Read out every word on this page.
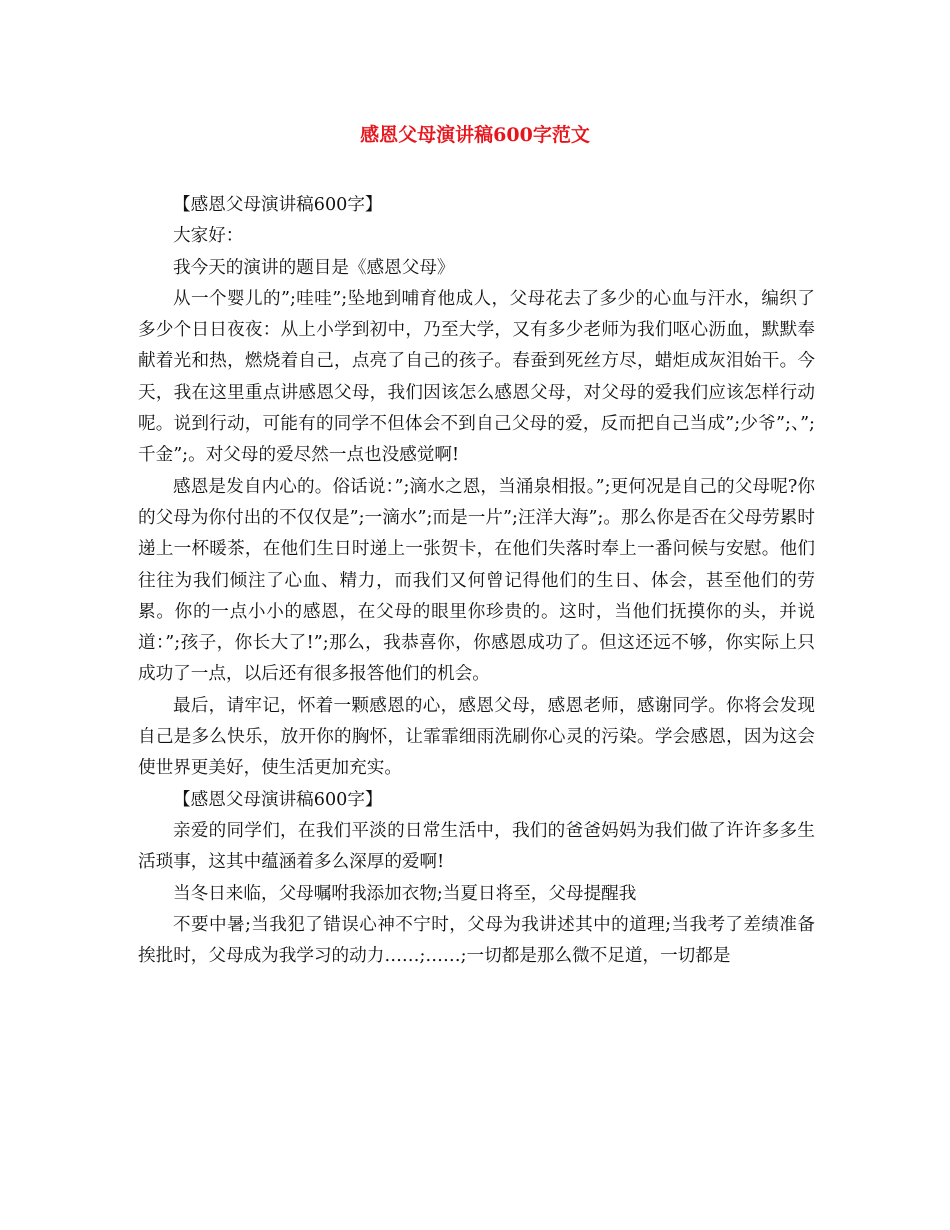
感恩父母演讲稿600字范文

【感恩父母演讲稿600字】

大家好：

我今天的演讲的题目是《感恩父母》

从一个婴儿的”;哇哇”;坠地到哺育他成人，父母花去了多少的心血与汗水，编织了多少个日日夜夜：从上小学到初中，乃至大学，又有多少老师为我们呕心沥血，默默奉献着光和热，燃烧着自己，点亮了自己的孩子。春蚕到死丝方尽，蜡炬成灰泪始干。今天，我在这里重点讲感恩父母，我们因该怎么感恩父母，对父母的爱我们应该怎样行动呢。说到行动，可能有的同学不但体会不到自己父母的爱，反而把自己当成”;少爷”;、”;千金”;。对父母的爱尽然一点也没感觉啊!

感恩是发自内心的。俗话说：”;滴水之恩，当涌泉相报。”;更何况是自己的父母呢?你的父母为你付出的不仅仅是”;一滴水”;而是一片”;汪洋大海”;。那么你是否在父母劳累时递上一杯暖茶，在他们生日时递上一张贺卡，在他们失落时奉上一番问候与安慰。他们往往为我们倾注了心血、精力，而我们又何曾记得他们的生日、体会，甚至他们的劳累。你的一点小小的感恩，在父母的眼里你珍贵的。这时，当他们抚摸你的头，并说道：”;孩子，你长大了!”;那么，我恭喜你，你感恩成功了。但这还远不够，你实际上只成功了一点，以后还有很多报答他们的机会。

最后，请牢记，怀着一颗感恩的心，感恩父母，感恩老师，感谢同学。你将会发现自己是多么快乐，放开你的胸怀，让霏霏细雨洗刷你心灵的污染。学会感恩，因为这会使世界更美好，使生活更加充实。

【感恩父母演讲稿600字】

亲爱的同学们，在我们平淡的日常生活中，我们的爸爸妈妈为我们做了许许多多生活琐事，这其中蕴涵着多么深厚的爱啊!

当冬日来临，父母嘱咐我添加衣物;当夏日将至，父母提醒我

不要中暑;当我犯了错误心神不宁时，父母为我讲述其中的道理;当我考了差绩准备挨批时，父母成为我学习的动力……;……;一切都是那么微不足道，一切都是
